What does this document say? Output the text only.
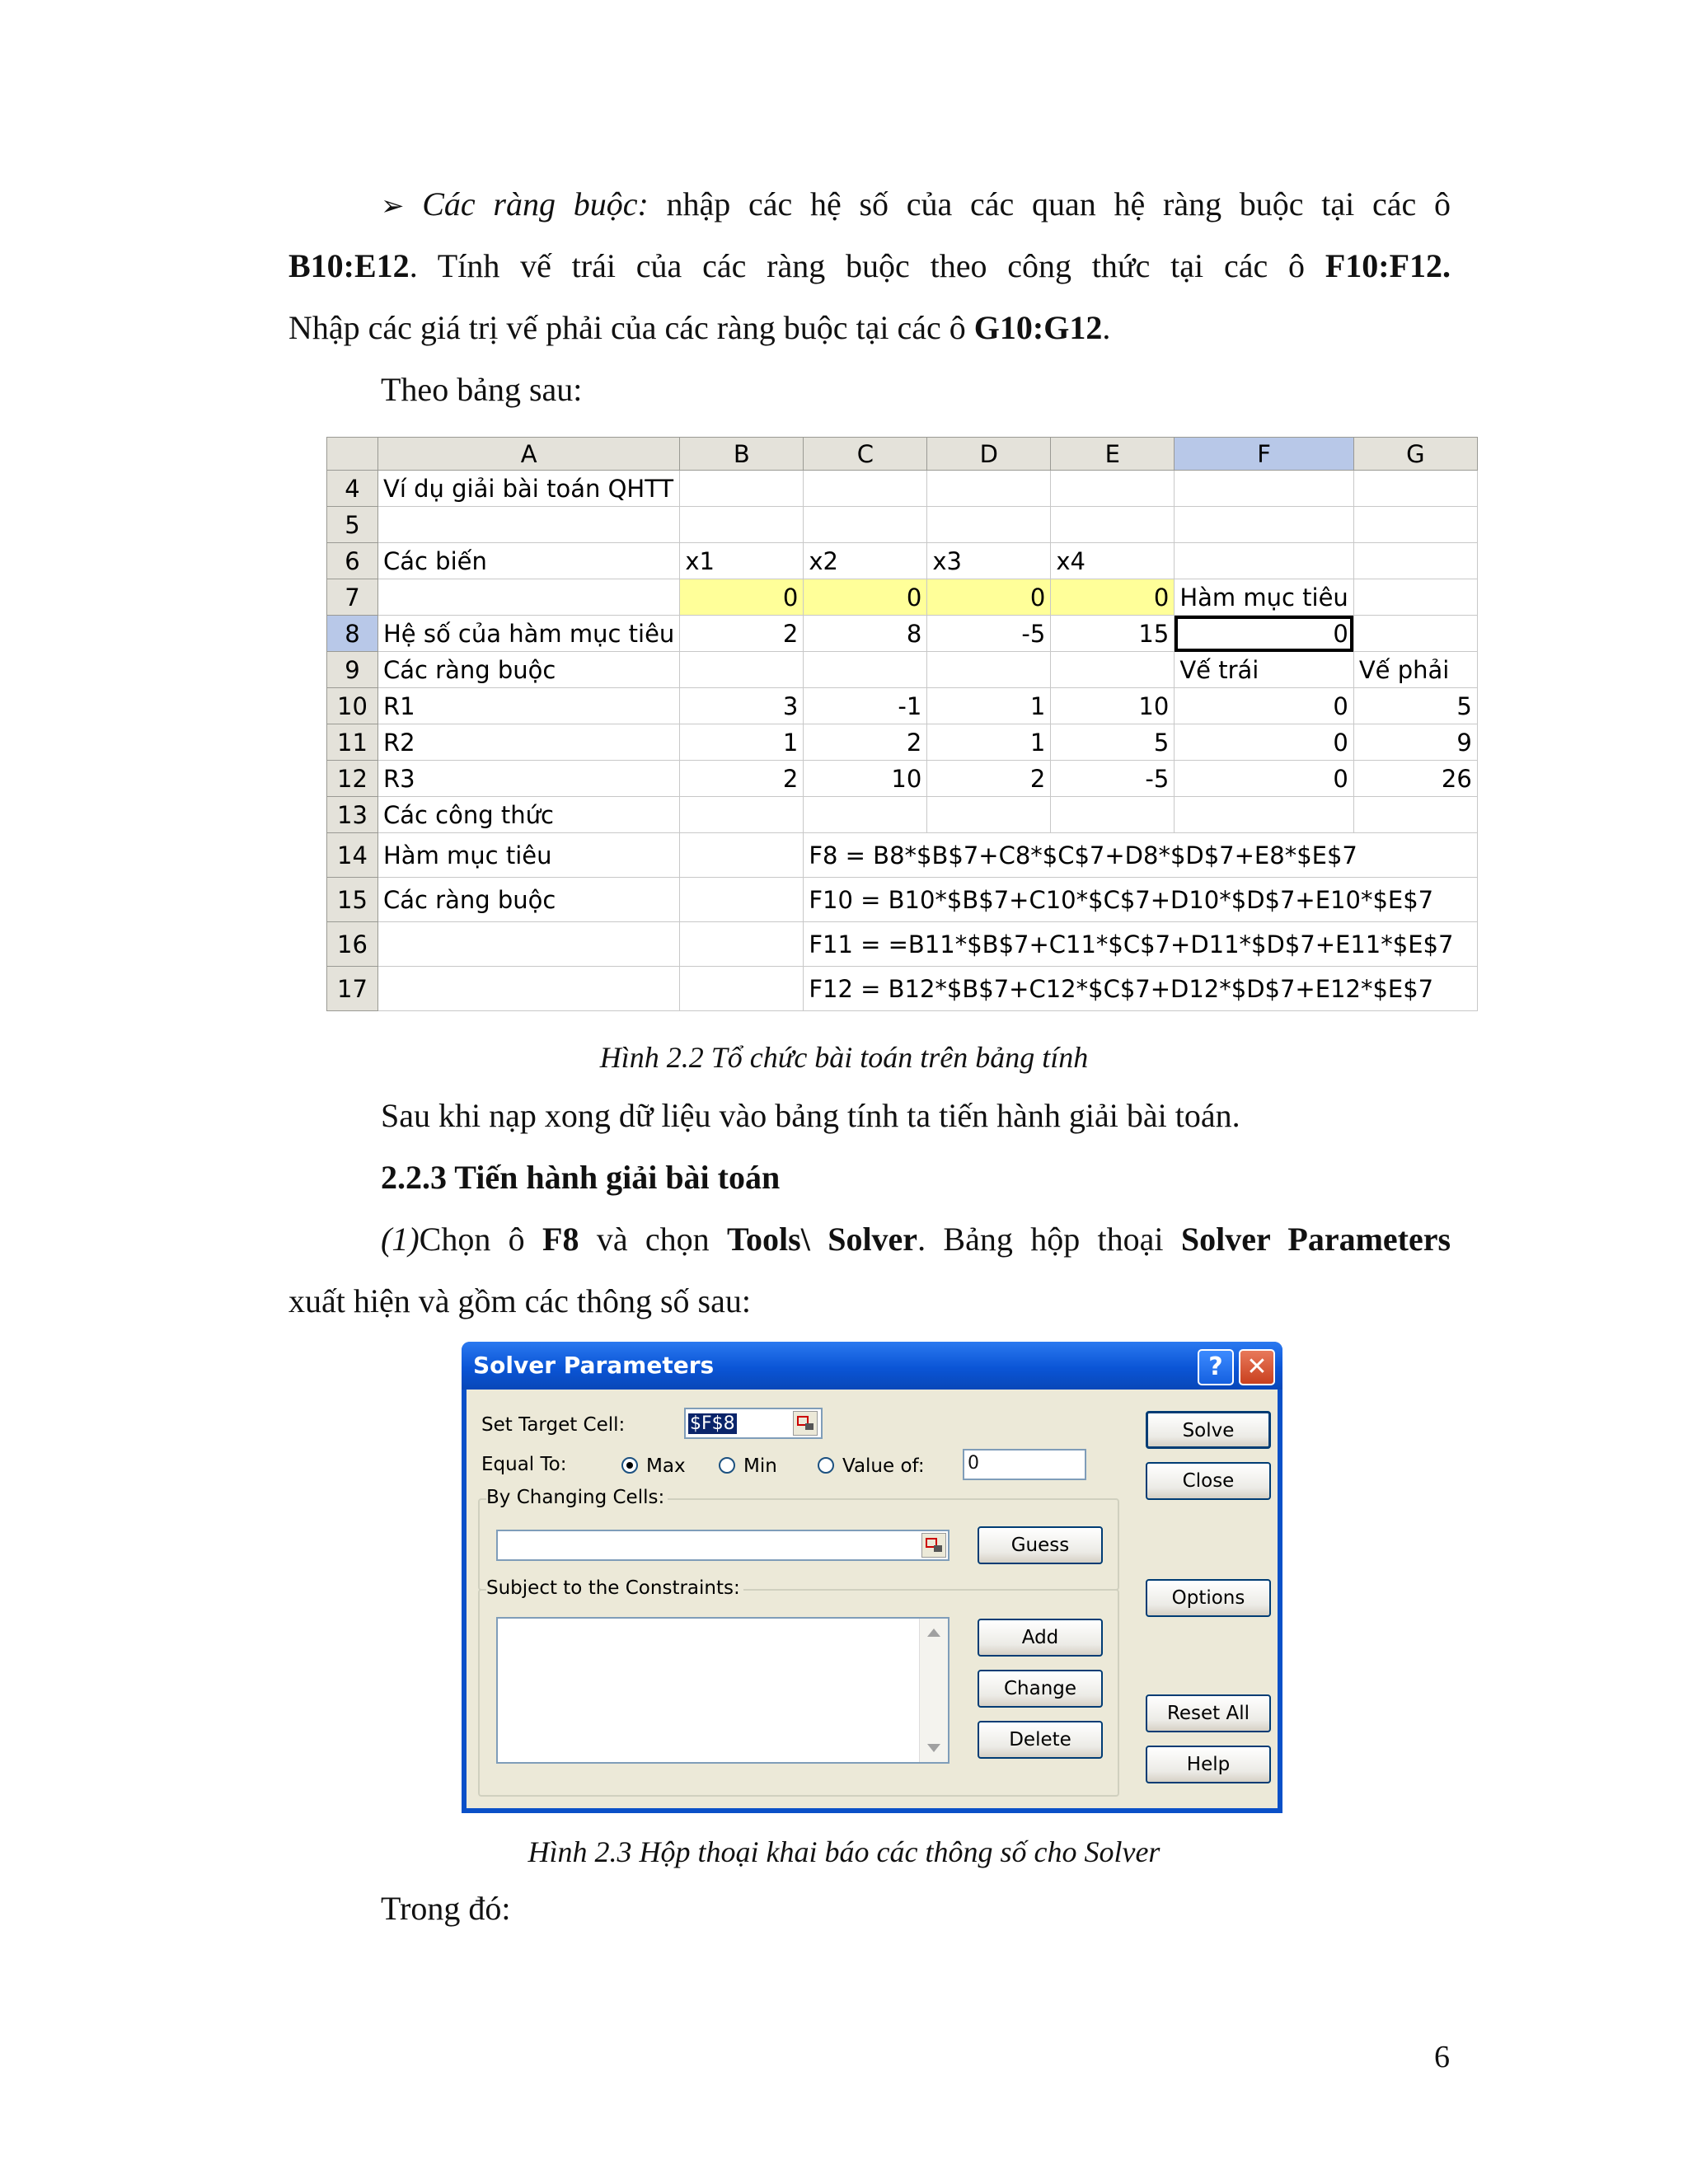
➢ Các ràng buộc: nhập các hệ số của các quan hệ ràng buộc tại các ô
B10:E12. Tính vế trái của các ràng buộc theo công thức tại các ô F10:F12.
Nhập các giá trị vế phải của các ràng buộc tại các ô G10:G12.
Theo bảng sau:
	A	B	C	D	E	F	G
4	Ví dụ giải bài toán QHTT						
5							
6	Các biến	x1	x2	x3	x4		
7		0	0	0	0	Hàm mục tiêu	
8	Hệ số của hàm mục tiêu	2	8	-5	15	0	
9	Các ràng buộc					Vế trái	Vế phải
10	R1	3	-1	1	10	0	5
11	R2	1	2	1	5	0	9
12	R3	2	10	2	-5	0	26
13	Các công thức						
14	Hàm mục tiêu		F8 = B8*$B$7+C8*$C$7+D8*$D$7+E8*$E$7				
15	Các ràng buộc		F10 = B10*$B$7+C10*$C$7+D10*$D$7+E10*$E$7				
16			F11 = =B11*$B$7+C11*$C$7+D11*$D$7+E11*$E$7				
17			F12 = B12*$B$7+C12*$C$7+D12*$D$7+E12*$E$7				
Hình 2.2 Tổ chức bài toán trên bảng tính
Sau khi nạp xong dữ liệu vào bảng tính ta tiến hành giải bài toán.
2.2.3 Tiến hành giải bài toán
(1)Chọn ô F8 và chọn Tools\ Solver. Bảng hộp thoại Solver Parameters
xuất hiện và gồm các thông số sau:
Solver Parameters	? ✕
Set Target Cell:	$F$8
Equal To:	Max	Min	Value of: 0
By Changing Cells:
Guess
Subject to the Constraints:
Add
Change
Delete
Solve
Close
Options
Reset All
Help
Hình 2.3 Hộp thoại khai báo các thông số cho Solver
Trong đó:
6
